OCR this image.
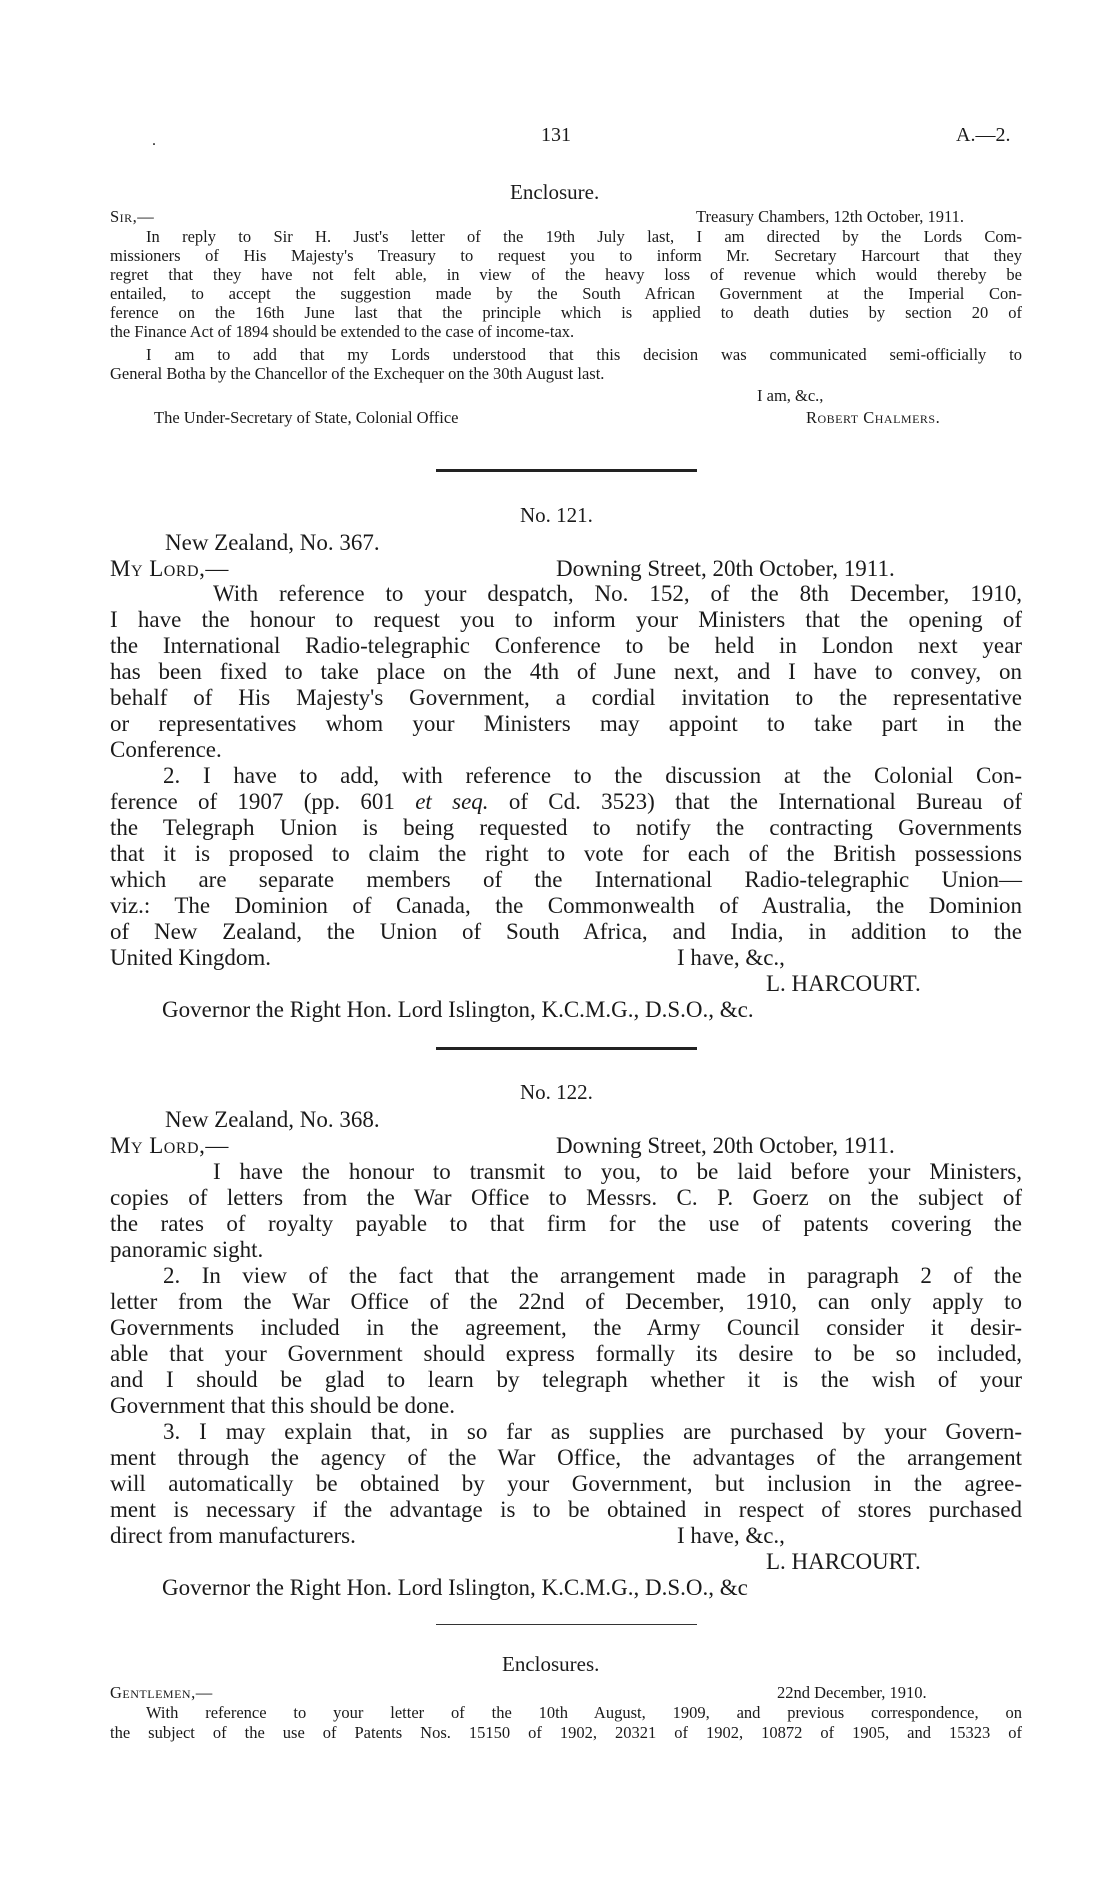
.	131	A.—2.
Enclosure.
Sir,—	Treasury Chambers, 12th October, 1911.
In reply to Sir H. Just's letter of the 19th July last, I am directed by the Lords Com-
missioners of His Majesty's Treasury to request you to inform Mr. Secretary Harcourt that they
regret that they have not felt able, in view of the heavy loss of revenue which would thereby be
entailed, to accept the suggestion made by the South African Government at the Imperial Con-
ference on the 16th June last that the principle which is applied to death duties by section 20 of
the Finance Act of 1894 should be extended to the case of income-tax.
I am to add that my Lords understood that this decision was communicated semi-officially to
General Botha by the Chancellor of the Exchequer on the 30th August last.
I am, &c.,
The Under-Secretary of State, Colonial Office	Robert Chalmers.
No. 121.
New Zealand, No. 367.
My Lord,—	Downing Street, 20th October, 1911.
With reference to your despatch, No. 152, of the 8th December, 1910,
I have the honour to request you to inform your Ministers that the opening of
the International Radio-telegraphic Conference to be held in London next year
has been fixed to take place on the 4th of June next, and I have to convey, on
behalf of His Majesty's Government, a cordial invitation to the representative
or representatives whom your Ministers may appoint to take part in the
Conference.
2. I have to add, with reference to the discussion at the Colonial Con-
ference of 1907 (pp. 601 et seq. of Cd. 3523) that the International Bureau of
the Telegraph Union is being requested to notify the contracting Governments
that it is proposed to claim the right to vote for each of the British possessions
which are separate members of the International Radio-telegraphic Union—
viz.: The Dominion of Canada, the Commonwealth of Australia, the Dominion
of New Zealand, the Union of South Africa, and India, in addition to the
United Kingdom.	I have, &c.,
L. HARCOURT.
Governor the Right Hon. Lord Islington, K.C.M.G., D.S.O., &c.
No. 122.
New Zealand, No. 368.
My Lord,—	Downing Street, 20th October, 1911.
I have the honour to transmit to you, to be laid before your Ministers,
copies of letters from the War Office to Messrs. C. P. Goerz on the subject of
the rates of royalty payable to that firm for the use of patents covering the
panoramic sight.
2. In view of the fact that the arrangement made in paragraph 2 of the
letter from the War Office of the 22nd of December, 1910, can only apply to
Governments included in the agreement, the Army Council consider it desir-
able that your Government should express formally its desire to be so included,
and I should be glad to learn by telegraph whether it is the wish of your
Government that this should be done.
3. I may explain that, in so far as supplies are purchased by your Govern-
ment through the agency of the War Office, the advantages of the arrangement
will automatically be obtained by your Government, but inclusion in the agree-
ment is necessary if the advantage is to be obtained in respect of stores purchased
direct from manufacturers.	I have, &c.,
L. HARCOURT.
Governor the Right Hon. Lord Islington, K.C.M.G., D.S.O., &c
Enclosures.
Gentlemen,—	22nd December, 1910.
With reference to your letter of the 10th August, 1909, and previous correspondence, on
the subject of the use of Patents Nos. 15150 of 1902, 20321 of 1902, 10872 of 1905, and 15323 of
